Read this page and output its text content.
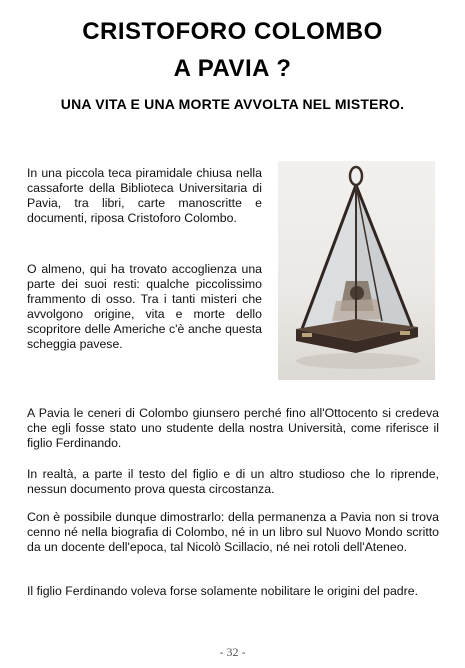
CRISTOFORO COLOMBO
A PAVIA ?
UNA VITA E UNA MORTE AVVOLTA NEL MISTERO.

In una piccola teca piramidale chiusa nella cassaforte della Biblioteca Universitaria di Pavia, tra libri, carte manoscritte e documenti, riposa Cristoforo Colombo.

O almeno, qui ha trovato accoglienza una parte dei suoi resti: qualche piccolissimo frammento di osso. Tra i tanti misteri che avvolgono origine, vita e morte dello scopritore delle Americhe c'è anche questa scheggia pavese.

A Pavia le ceneri di Colombo giunsero perché fino all'Ottocento si credeva che egli fosse stato uno studente della nostra Università, come riferisce il figlio Ferdinando.

In realtà, a parte il testo del figlio e di un altro studioso che lo riprende, nessun documento prova questa circostanza.

Con è possibile dunque dimostrarlo: della permanenza a Pavia non si trova cenno né nella biografia di Colombo, né in un libro sul Nuovo Mondo scritto da un docente dell'epoca, tal Nicolò Scillacio, né nei rotoli dell'Ateneo.

Il figlio Ferdinando voleva forse solamente nobilitare le origini del padre.

- 32 -
